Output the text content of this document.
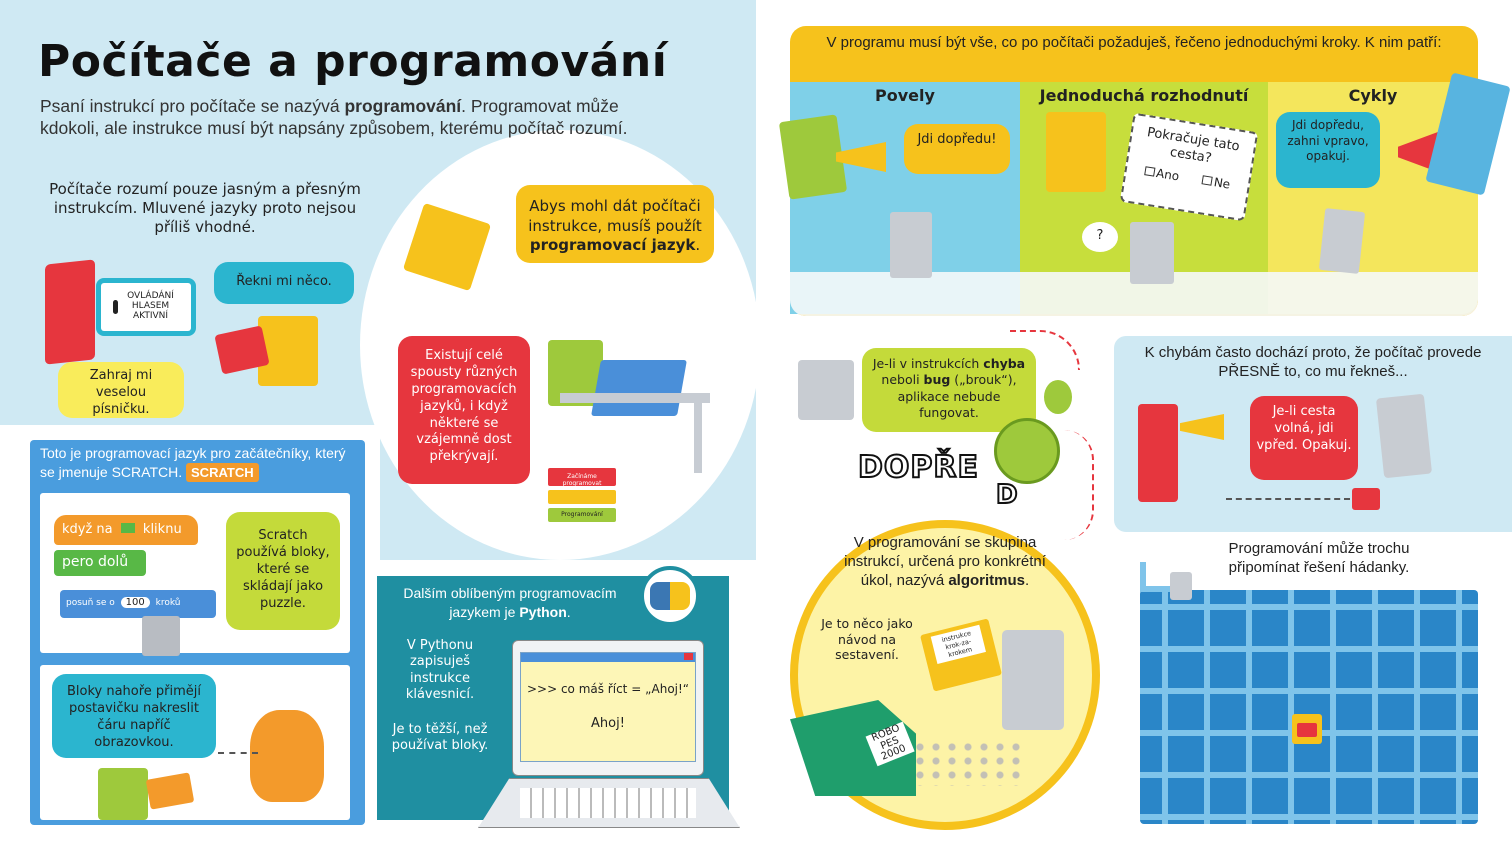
Počítače a programování
Psaní instrukcí pro počítače se nazývá programování. Programovat může kdokoli, ale instrukce musí být napsány způsobem, kterému počítač rozumí.
Počítače rozumí pouze jasným a přesným instrukcím. Mluvené jazyky proto nejsou příliš vhodné.
OVLÁDÁNÍ HLASEM AKTIVNÍ
Zahraj mi veselou písničku.
Řekni mi něco.
Abys mohl dát počítači instrukce, musíš použít programovací jazyk.
Existují celé spousty různých programovacích jazyků, i když některé se vzájemně dost překrývají.
Začínáme programovat
Programování
Toto je programovací jazyk pro začátečníky, který se jmenuje SCRATCH. SCRATCH
když na kliknu
pero dolů
posuň se o 100 kroků
Scratch používá bloky, které se skládají jako puzzle.
Bloky nahoře přimějí postavičku nakreslit čáru napříč obrazovkou.
Dalším oblíbeným programovacím jazykem je Python.
V Pythonu zapisuješ instrukce klávesnicí.
Je to těžší, než používat bloky.
>>> co máš říct = „Ahoj!“
Ahoj!
V programu musí být vše, co po počítači požaduješ, řečeno jednoduchými kroky. K nim patří:
Povely	Jednoduchá rozhodnutí	Cykly
Jdi dopředu!	Pokračuje tato cesta?
Ano	Ne
?
Jdi dopředu, zahni vpravo, opakuj.
Je-li v instrukcích chyba neboli bug („brouk“), aplikace nebude fungovat.
DOPŘE
D
K chybám často dochází proto, že počítač provede PŘESNĚ to, co mu řekneš...
Je-li cesta volná, jdi vpřed. Opakuj.
V programování se skupina instrukcí, určená pro konkrétní úkol, nazývá algoritmus.
Je to něco jako návod na sestavení.
instrukce krok-za-krokem
ROBO PES 2000
Programování může trochu připomínat řešení hádanky.
